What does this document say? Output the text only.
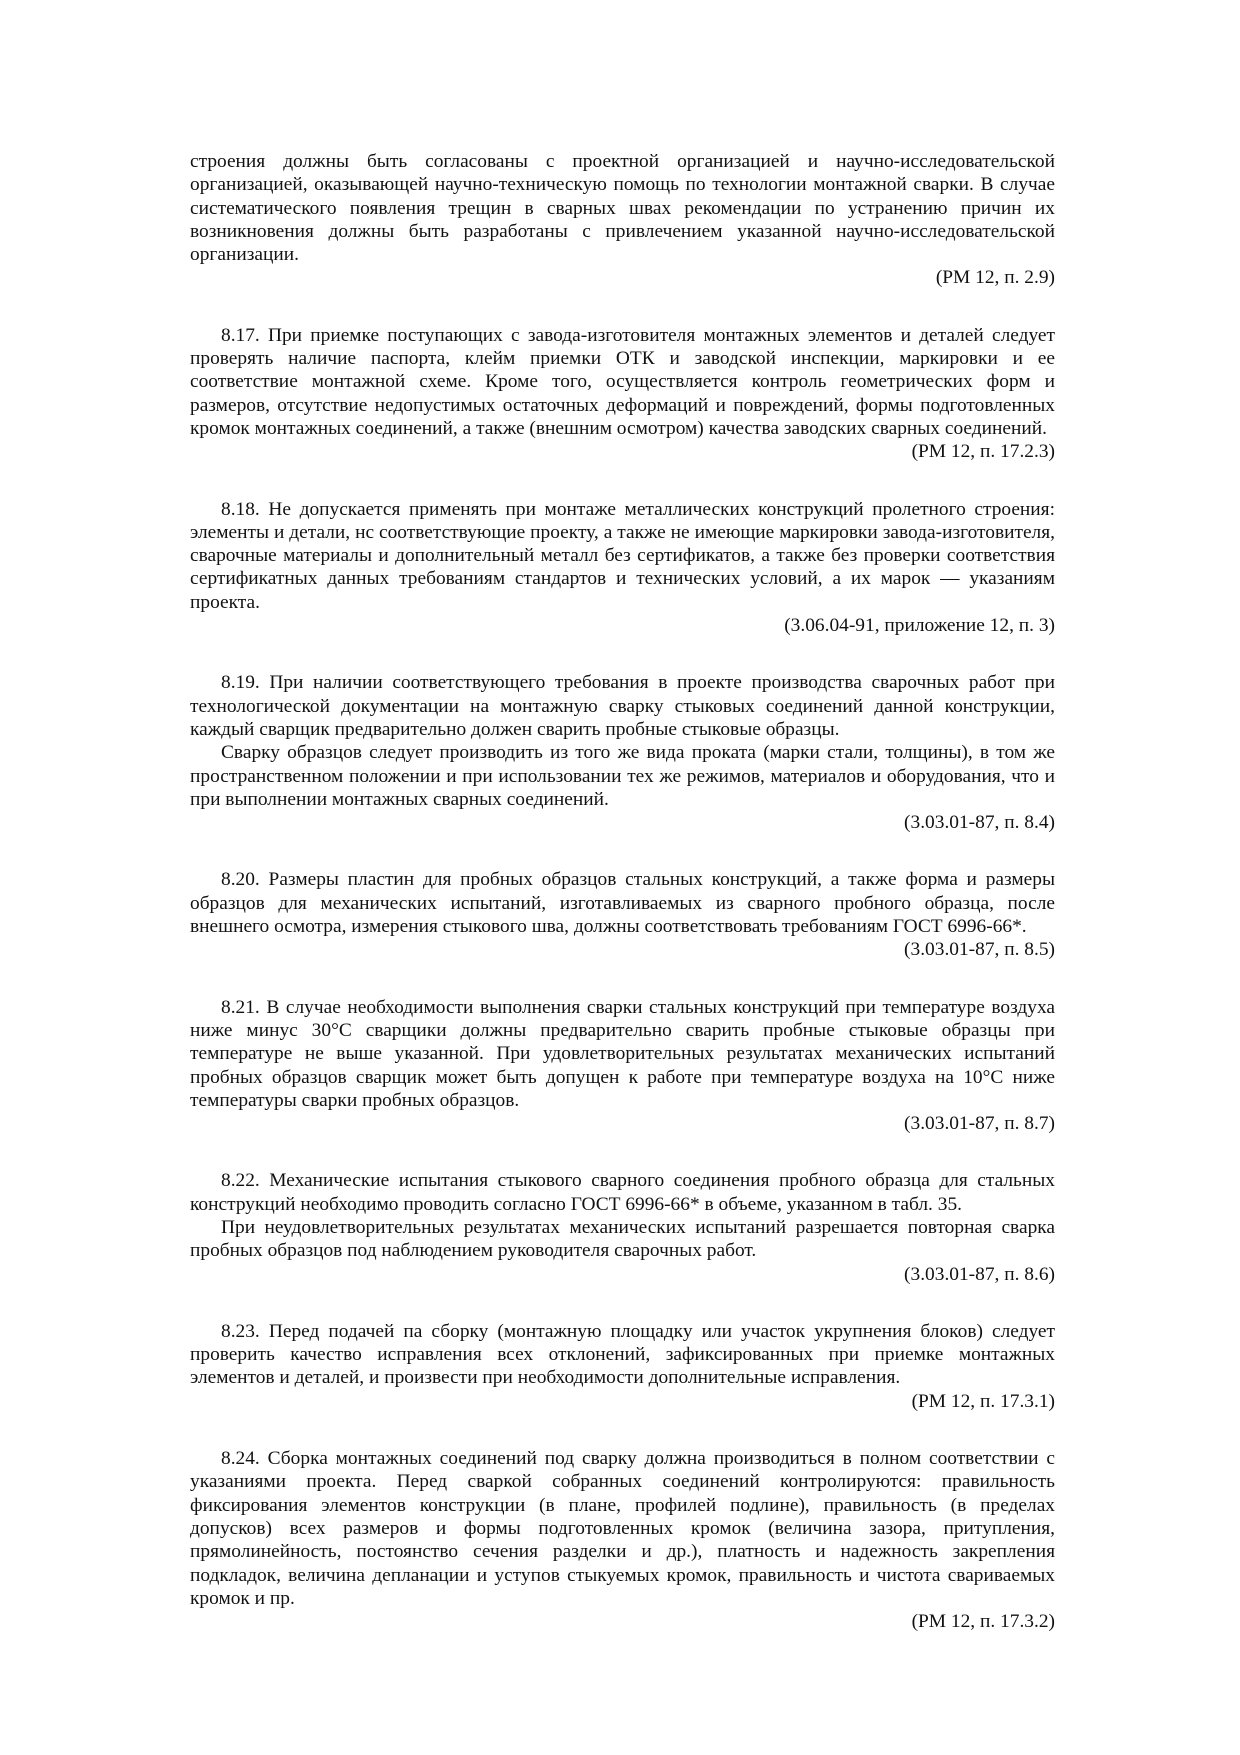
строения должны быть согласованы с проектной организацией и научно-исследовательской организацией, оказывающей научно-техническую помощь по технологии монтажной сварки. В случае систематического появления трещин в сварных швах рекомендации по устранению причин их возникновения должны быть разработаны с привлечением указанной научно-исследовательской организации.

(РМ 12, п. 2.9)

8.17. При приемке поступающих с завода-изготовителя монтажных элементов и деталей следует проверять наличие паспорта, клейм приемки ОТК и заводской инспекции, маркировки и ее соответствие монтажной схеме. Кроме того, осуществляется контроль геометрических форм и размеров, отсутствие недопустимых остаточных деформаций и повреждений, формы подготовленных кромок монтажных соединений, а также (внешним осмотром) качества заводских сварных соединений.

(РМ 12, п. 17.2.3)

8.18. Не допускается применять при монтаже металлических конструкций пролетного строения: элементы и детали, нс соответствующие проекту, а также не имеющие маркировки завода-изготовителя, сварочные материалы и дополнительный металл без сертификатов, а также без проверки соответствия сертификатных данных требованиям стандартов и технических условий, а их марок — указаниям проекта.

(3.06.04-91, приложение 12, п. 3)

8.19. При наличии соответствующего требования в проекте производства сварочных работ при технологической документации на монтажную сварку стыковых соединений данной конструкции, каждый сварщик предварительно должен сварить пробные стыковые образцы.

Сварку образцов следует производить из того же вида проката (марки стали, толщины), в том же пространственном положении и при использовании тех же режимов, материалов и оборудования, что и при выполнении монтажных сварных соединений.

(3.03.01-87, п. 8.4)

8.20. Размеры пластин для пробных образцов стальных конструкций, а также форма и размеры образцов для механических испытаний, изготавливаемых из сварного пробного образца, после внешнего осмотра, измерения стыкового шва, должны соответствовать требованиям ГОСТ 6996-66*.

(3.03.01-87, п. 8.5)

8.21. В случае необходимости выполнения сварки стальных конструкций при температуре воздуха ниже минус 30°С сварщики должны предварительно сварить пробные стыковые образцы при температуре не выше указанной. При удовлетворительных результатах механических испытаний пробных образцов сварщик может быть допущен к работе при температуре воздуха на 10°С ниже температуры сварки пробных образцов.

(3.03.01-87, п. 8.7)

8.22. Механические испытания стыкового сварного соединения пробного образца для стальных конструкций необходимо проводить согласно ГОСТ 6996-66* в объеме, указанном в табл. 35.

При неудовлетворительных результатах механических испытаний разрешается повторная сварка пробных образцов под наблюдением руководителя сварочных работ.

(3.03.01-87, п. 8.6)

8.23. Перед подачей па сборку (монтажную площадку или участок укрупнения блоков) следует проверить качество исправления всех отклонений, зафиксированных при приемке монтажных элементов и деталей, и произвести при необходимости дополнительные исправления.

(РМ 12, п. 17.3.1)

8.24. Сборка монтажных соединений под сварку должна производиться в полном соответствии с указаниями проекта. Перед сваркой собранных соединений контролируются: правильность фиксирования элементов конструкции (в плане, профилей подлине), правильность (в пределах допусков) всех размеров и формы подготовленных кромок (величина зазора, притупления, прямолинейность, постоянство сечения разделки и др.), платность и надежность закрепления подкладок, величина депланации и уступов стыкуемых кромок, правильность и чистота свариваемых кромок и пр.

(РМ 12, п. 17.3.2)
